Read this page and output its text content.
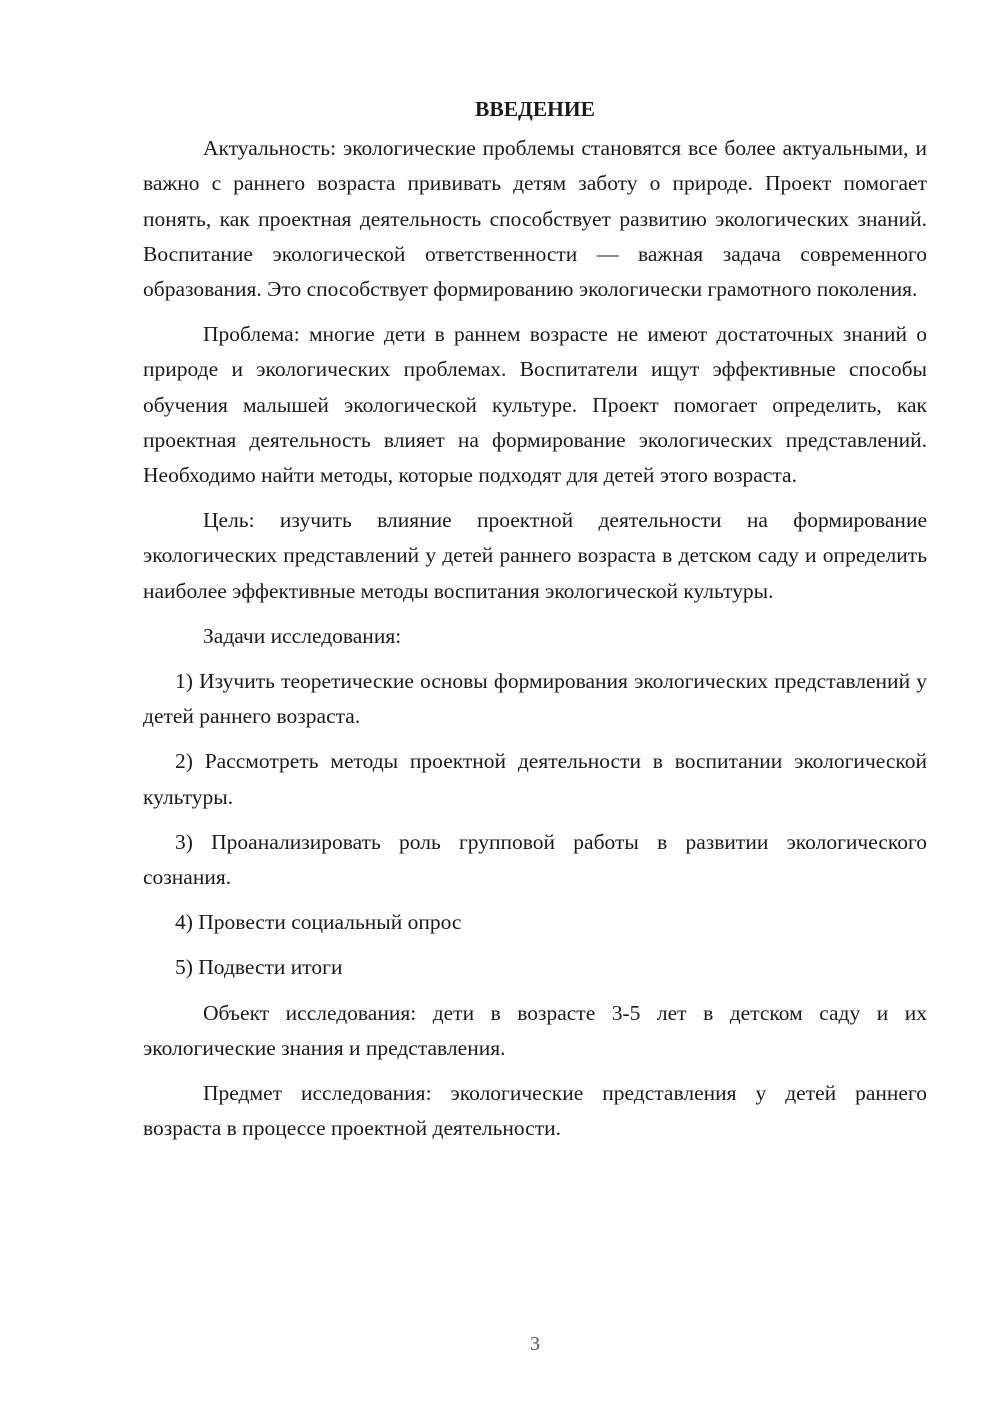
ВВЕДЕНИЕ

Актуальность: экологические проблемы становятся все более актуальными, и важно с раннего возраста прививать детям заботу о природе. Проект помогает понять, как проектная деятельность способствует развитию экологических знаний. Воспитание экологической ответственности — важная задача современного образования. Это способствует формированию экологически грамотного поколения.

Проблема: многие дети в раннем возрасте не имеют достаточных знаний о природе и экологических проблемах. Воспитатели ищут эффективные способы обучения малышей экологической культуре. Проект помогает определить, как проектная деятельность влияет на формирование экологических представлений. Необходимо найти методы, которые подходят для детей этого возраста.

Цель: изучить влияние проектной деятельности на формирование экологических представлений у детей раннего возраста в детском саду и определить наиболее эффективные методы воспитания экологической культуры.

Задачи исследования:

1) Изучить теоретические основы формирования экологических представлений у детей раннего возраста.

2) Рассмотреть методы проектной деятельности в воспитании экологической культуры.

3) Проанализировать роль групповой работы в развитии экологического сознания.

4) Провести социальный опрос

5) Подвести итоги

Объект исследования: дети в возрасте 3-5 лет в детском саду и их экологические знания и представления.

Предмет исследования: экологические представления у детей раннего возраста в процессе проектной деятельности.

3
